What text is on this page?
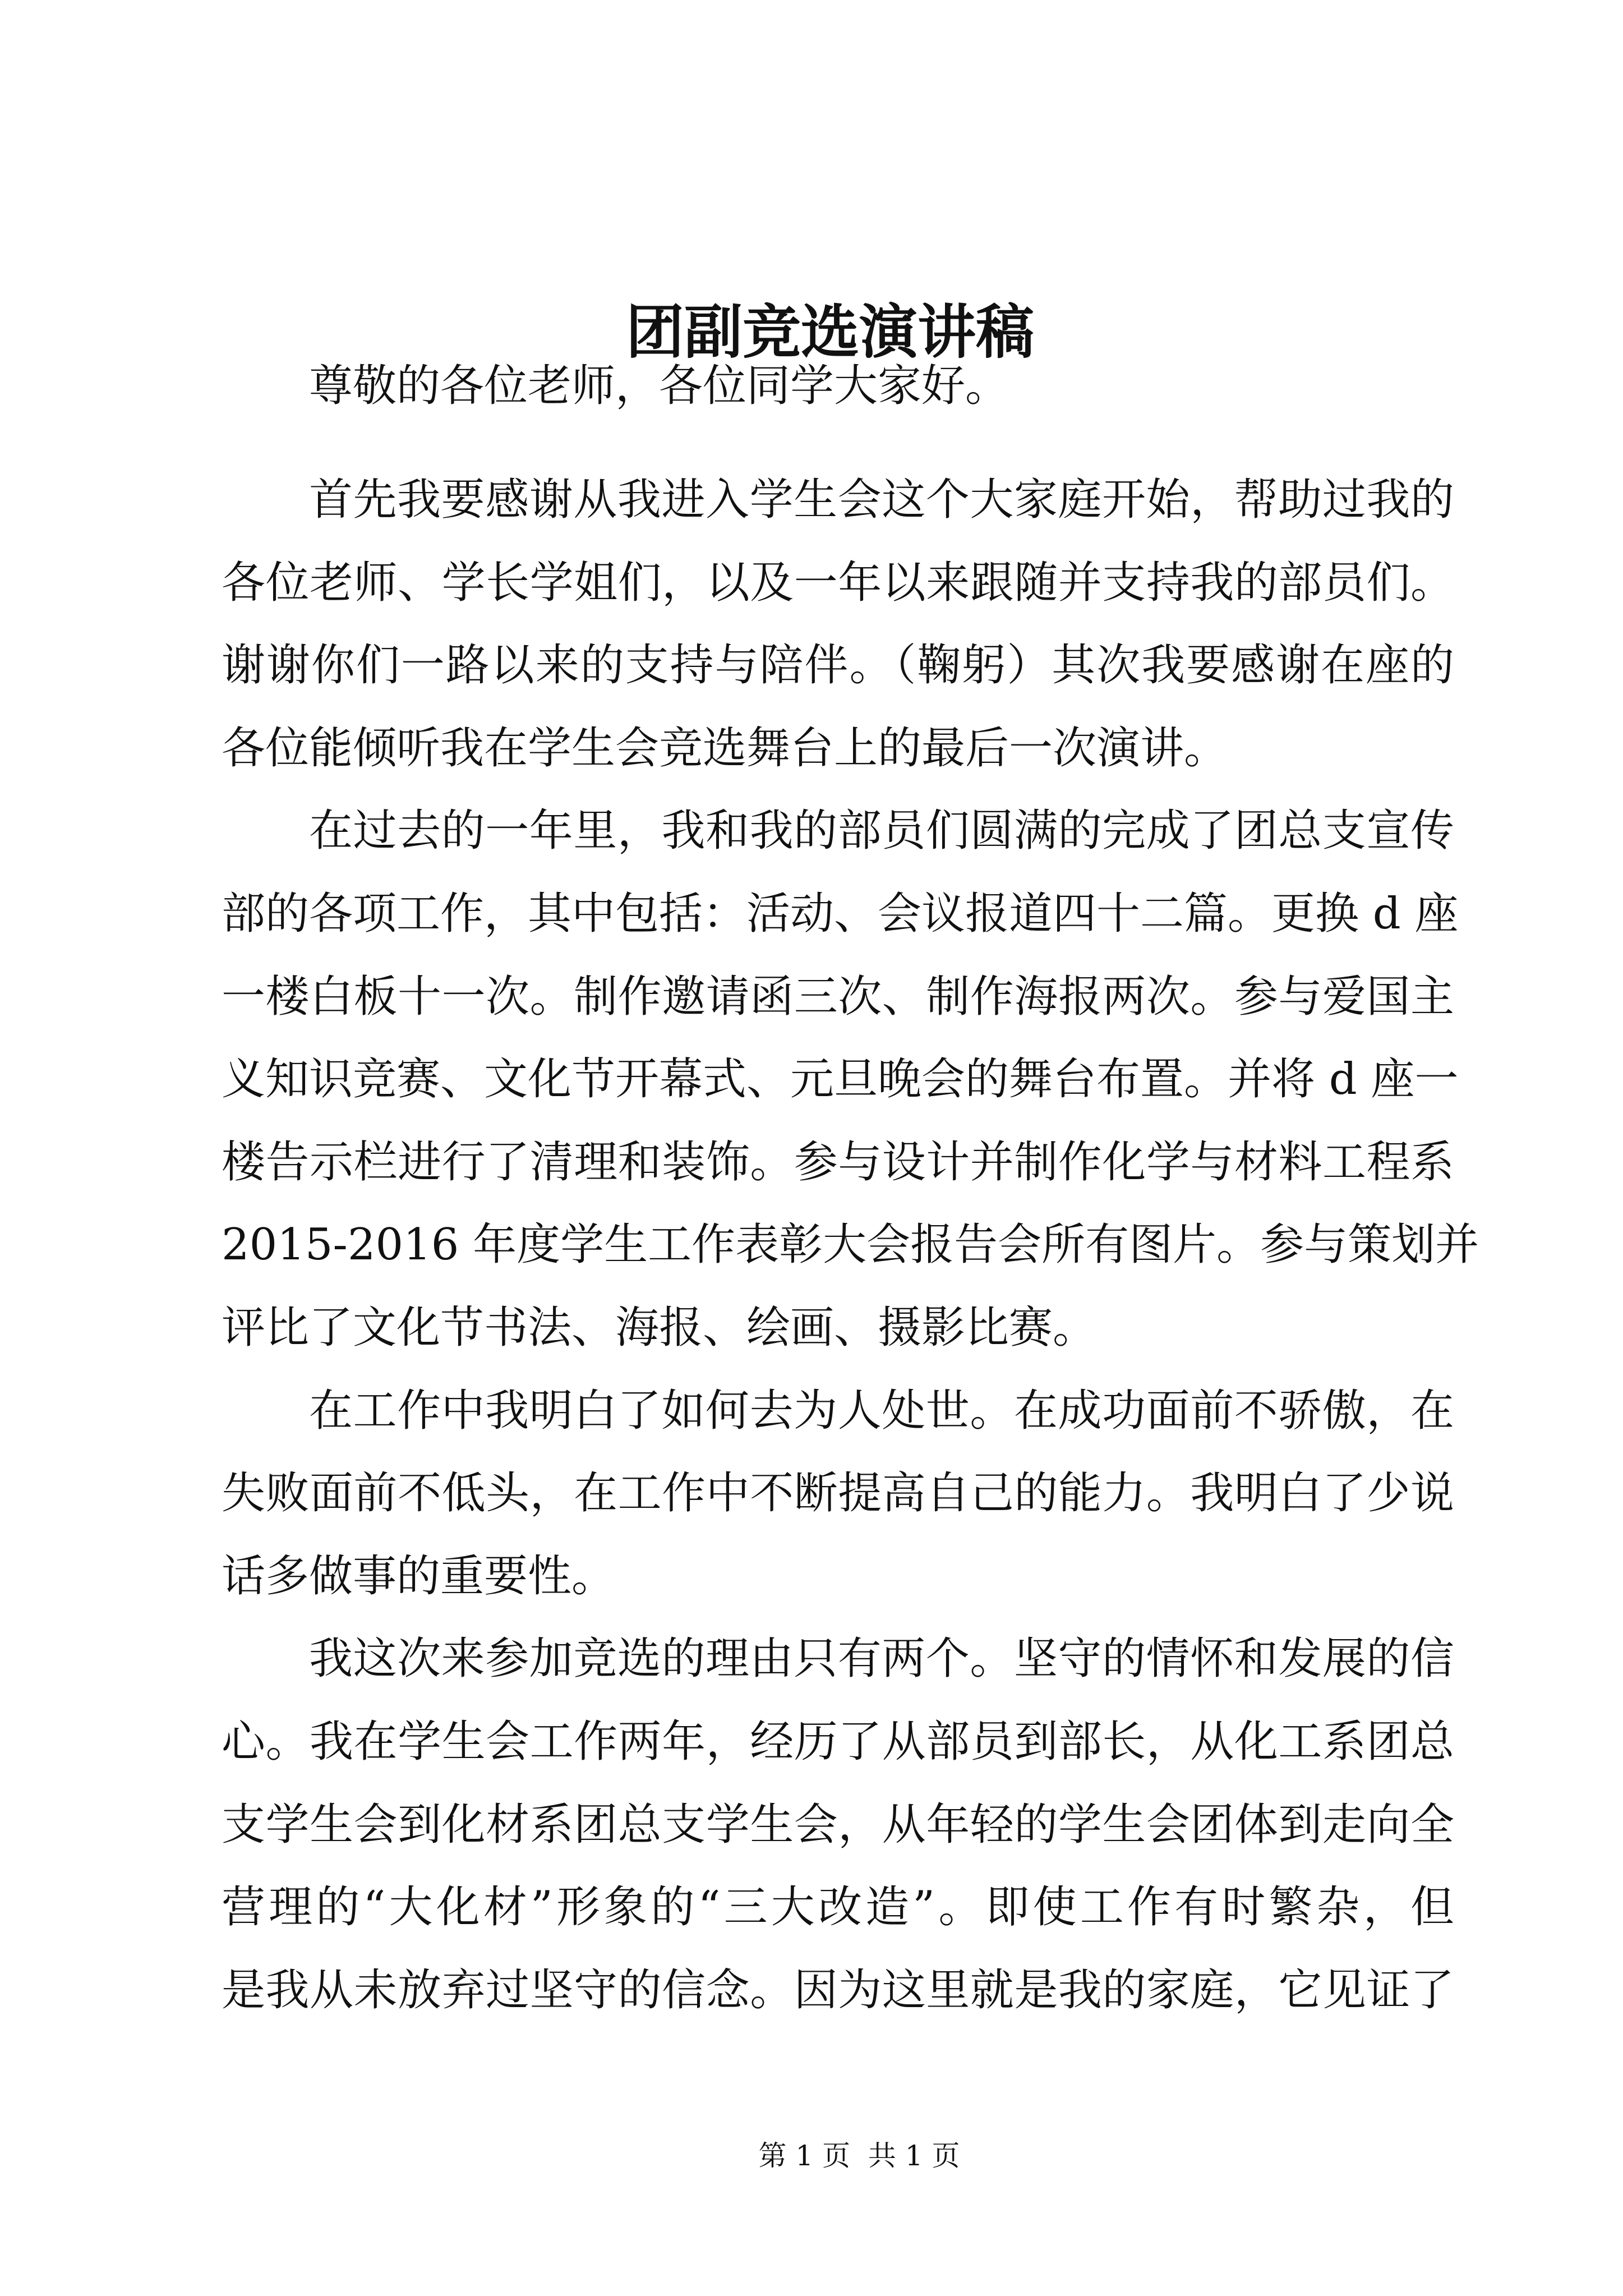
团副竞选演讲稿
尊敬的各位老师，各位同学大家好。
首先我要感谢从我进入学生会这个大家庭开始，帮助过我的
各位老师、学长学姐们，以及一年以来跟随并支持我的部员们。
谢谢你们一路以来的支持与陪伴。（鞠躬）其次我要感谢在座的
各位能倾听我在学生会竞选舞台上的最后一次演讲。
在过去的一年里，我和我的部员们圆满的完成了团总支宣传
部的各项工作，其中包括：活动、会议报道四十二篇。更换 d 座
一楼白板十一次。制作邀请函三次、制作海报两次。参与爱国主
义知识竞赛、文化节开幕式、元旦晚会的舞台布置。并将 d 座一
楼告示栏进行了清理和装饰。参与设计并制作化学与材料工程系
2015-2016 年度学生工作表彰大会报告会所有图片。参与策划并
评比了文化节书法、海报、绘画、摄影比赛。
在工作中我明白了如何去为人处世。在成功面前不骄傲，在
失败面前不低头，在工作中不断提高自己的能力。我明白了少说
话多做事的重要性。
我这次来参加竞选的理由只有两个。坚守的情怀和发展的信
心。我在学生会工作两年，经历了从部员到部长，从化工系团总
支学生会到化材系团总支学生会，从年轻的学生会团体到走向全
营理的“大化材”形象的“三大改造”。即使工作有时繁杂，但
是我从未放弃过坚守的信念。因为这里就是我的家庭，它见证了
第 1 页  共 1 页
